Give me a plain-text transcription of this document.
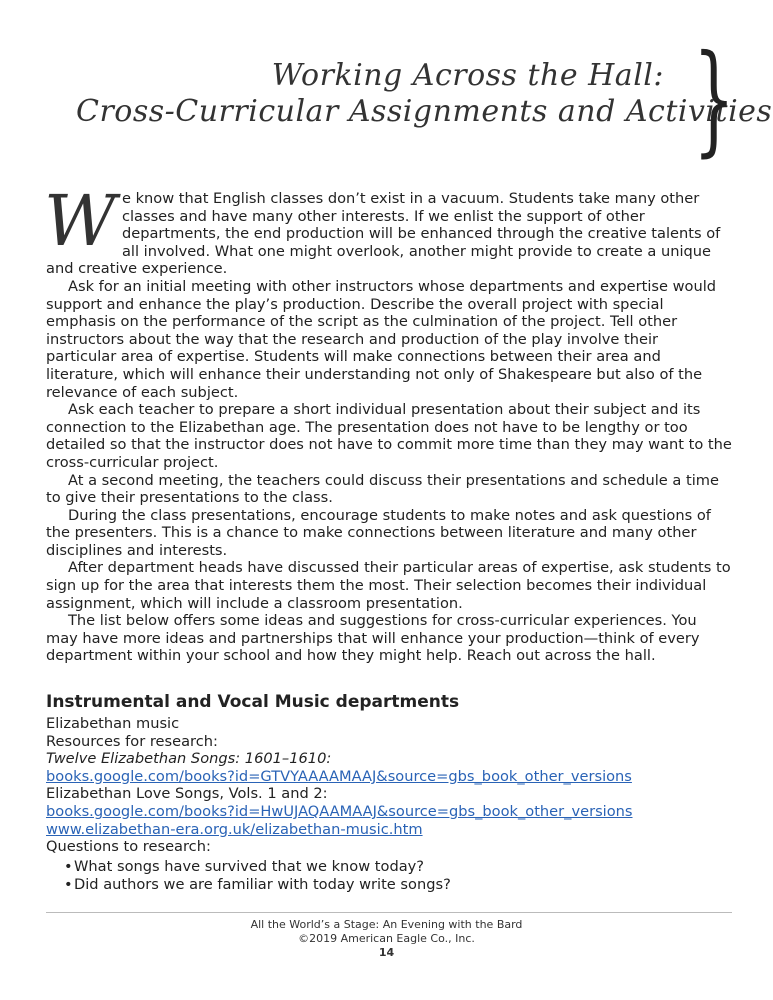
Working Across the Hall:
Cross-Curricular Assignments and Activities
}

We know that English classes don’t exist in a vacuum. Students take many other classes and have many other interests. If we enlist the support of other departments, the end production will be enhanced through the creative talents of all involved. What one might overlook, another might provide to create a unique and creative experience.

Ask for an initial meeting with other instructors whose departments and expertise would support and enhance the play’s production. Describe the overall project with special emphasis on the performance of the script as the culmination of the project. Tell other instructors about the way that the research and production of the play involve their particular area of expertise. Students will make connections between their area and literature, which will enhance their understanding not only of Shakespeare but also of the relevance of each subject.

Ask each teacher to prepare a short individual presentation about their subject and its connection to the Elizabethan age. The presentation does not have to be lengthy or too detailed so that the instructor does not have to commit more time than they may want to the cross-curricular project.

At a second meeting, the teachers could discuss their presentations and schedule a time to give their presentations to the class.

During the class presentations, encourage students to make notes and ask questions of the presenters. This is a chance to make connections between literature and many other disciplines and interests.

After department heads have discussed their particular areas of expertise, ask students to sign up for the area that interests them the most. Their selection becomes their individual assignment, which will include a classroom presentation.

The list below offers some ideas and suggestions for cross-curricular experiences. You may have more ideas and partnerships that will enhance your production—think of every department within your school and how they might help. Reach out across the hall.

Instrumental and Vocal Music departments
Elizabethan music
Resources for research:
Twelve Elizabethan Songs: 1601–1610:
books.google.com/books?id=GTVYAAAAMAAJ&source=gbs_book_other_versions
Elizabethan Love Songs, Vols. 1 and 2:
books.google.com/books?id=HwUJAQAAMAAJ&source=gbs_book_other_versions
www.elizabethan-era.org.uk/elizabethan-music.htm
Questions to research:
•What songs have survived that we know today?
•Did authors we are familiar with today write songs?
All the World’s a Stage: An Evening with the Bard
©2019 American Eagle Co., Inc.
14
